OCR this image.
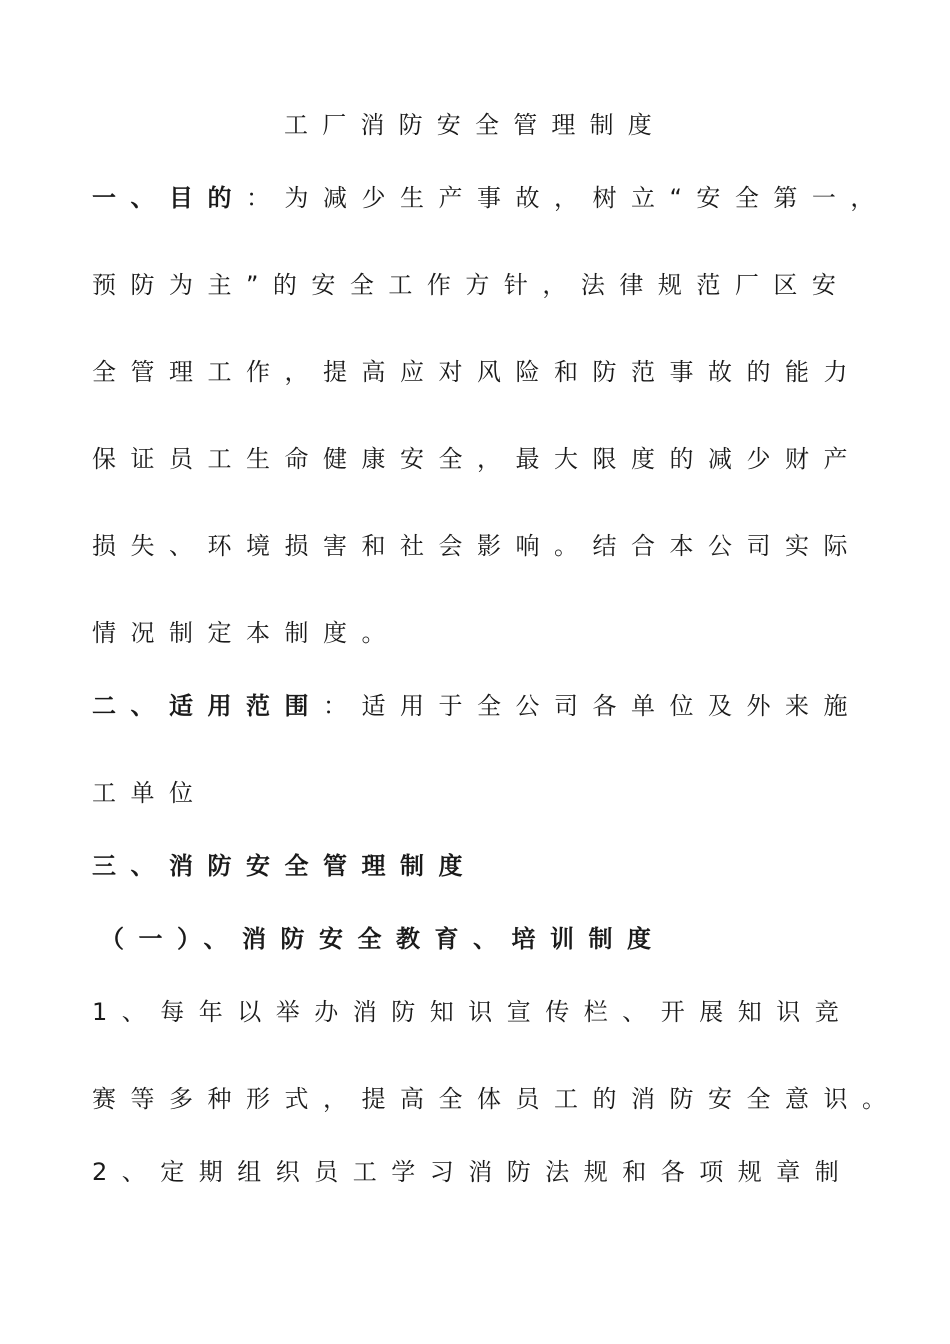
工厂消防安全管理制度
一、目的：为减少生产事故，树立“安全第一，
预防为主”的安全工作方针，法律规范厂区安
全管理工作，提高应对风险和防范事故的能力
保证员工生命健康安全，最大限度的减少财产
损失、环境损害和社会影响。结合本公司实际
情况制定本制度。
二、适用范围：适用于全公司各单位及外来施
工单位
三、消防安全管理制度
（一）、消防安全教育、培训制度
1、每年以举办消防知识宣传栏、开展知识竞
赛等多种形式，提高全体员工的消防安全意识。
2、定期组织员工学习消防法规和各项规章制
